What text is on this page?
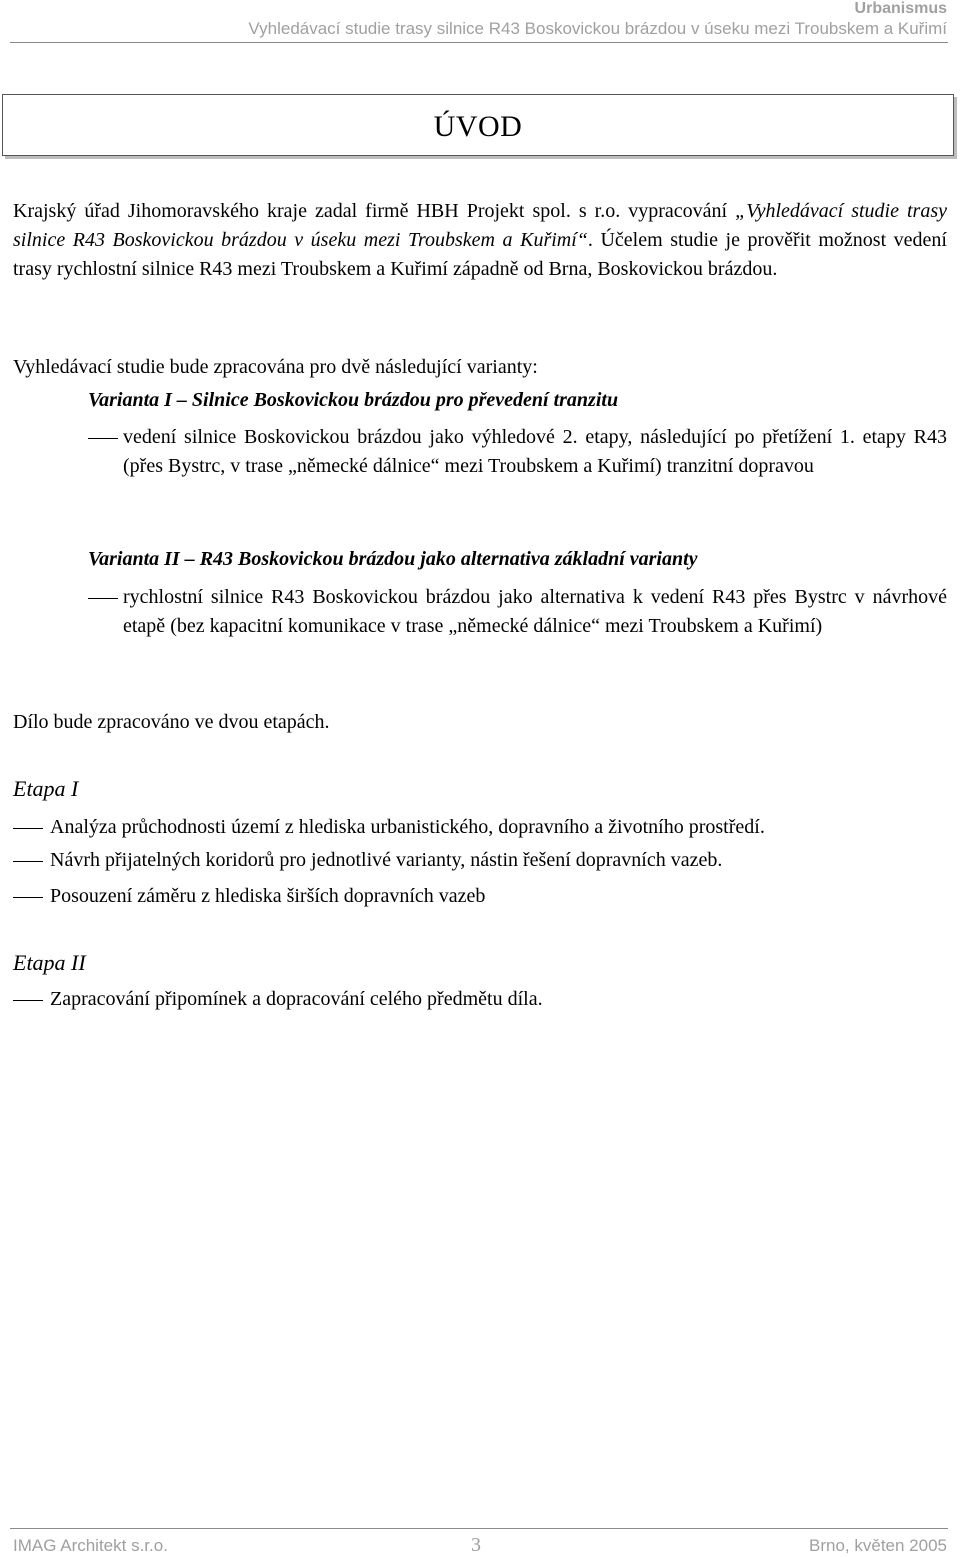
Urbanismus
Vyhledávací studie trasy silnice R43 Boskovickou brázdou v úseku mezi Troubskem a Kuřimí
ÚVOD
Krajský úřad Jihomoravského kraje zadal firmě HBH Projekt spol. s r.o. vypracování „Vyhledávací studie trasy silnice R43 Boskovickou brázdou v úseku mezi Troubskem a Kuřimí“. Účelem studie je prověřit možnost vedení trasy rychlostní silnice R43 mezi Troubskem a Kuřimí západně od Brna, Boskovickou brázdou.
Vyhledávací studie bude zpracována pro dvě následující varianty:
Varianta I – Silnice Boskovickou brázdou pro převedení tranzitu
vedení silnice Boskovickou brázdou jako výhledové 2. etapy, následující po přetížení 1. etapy R43 (přes Bystrc, v trase „německé dálnice“ mezi Troubskem a Kuřimí) tranzitní dopravou
Varianta II – R43 Boskovickou brázdou jako alternativa základní varianty
rychlostní silnice R43 Boskovickou brázdou jako alternativa k vedení R43 přes Bystrc v návrhové etapě (bez kapacitní komunikace v trase „německé dálnice“ mezi Troubskem a Kuřimí)
Dílo bude zpracováno ve dvou etapách.
Etapa I
Analýza průchodnosti území z hlediska urbanistického, dopravního a životního prostředí.
Návrh přijatelných koridorů pro jednotlivé varianty, nástin řešení dopravních vazeb.
Posouzení záměru z hlediska širších dopravních vazeb
Etapa II
Zapracování připomínek a dopracování celého předmětu díla.
IMAG Architekt s.r.o.	3	Brno, květen 2005
